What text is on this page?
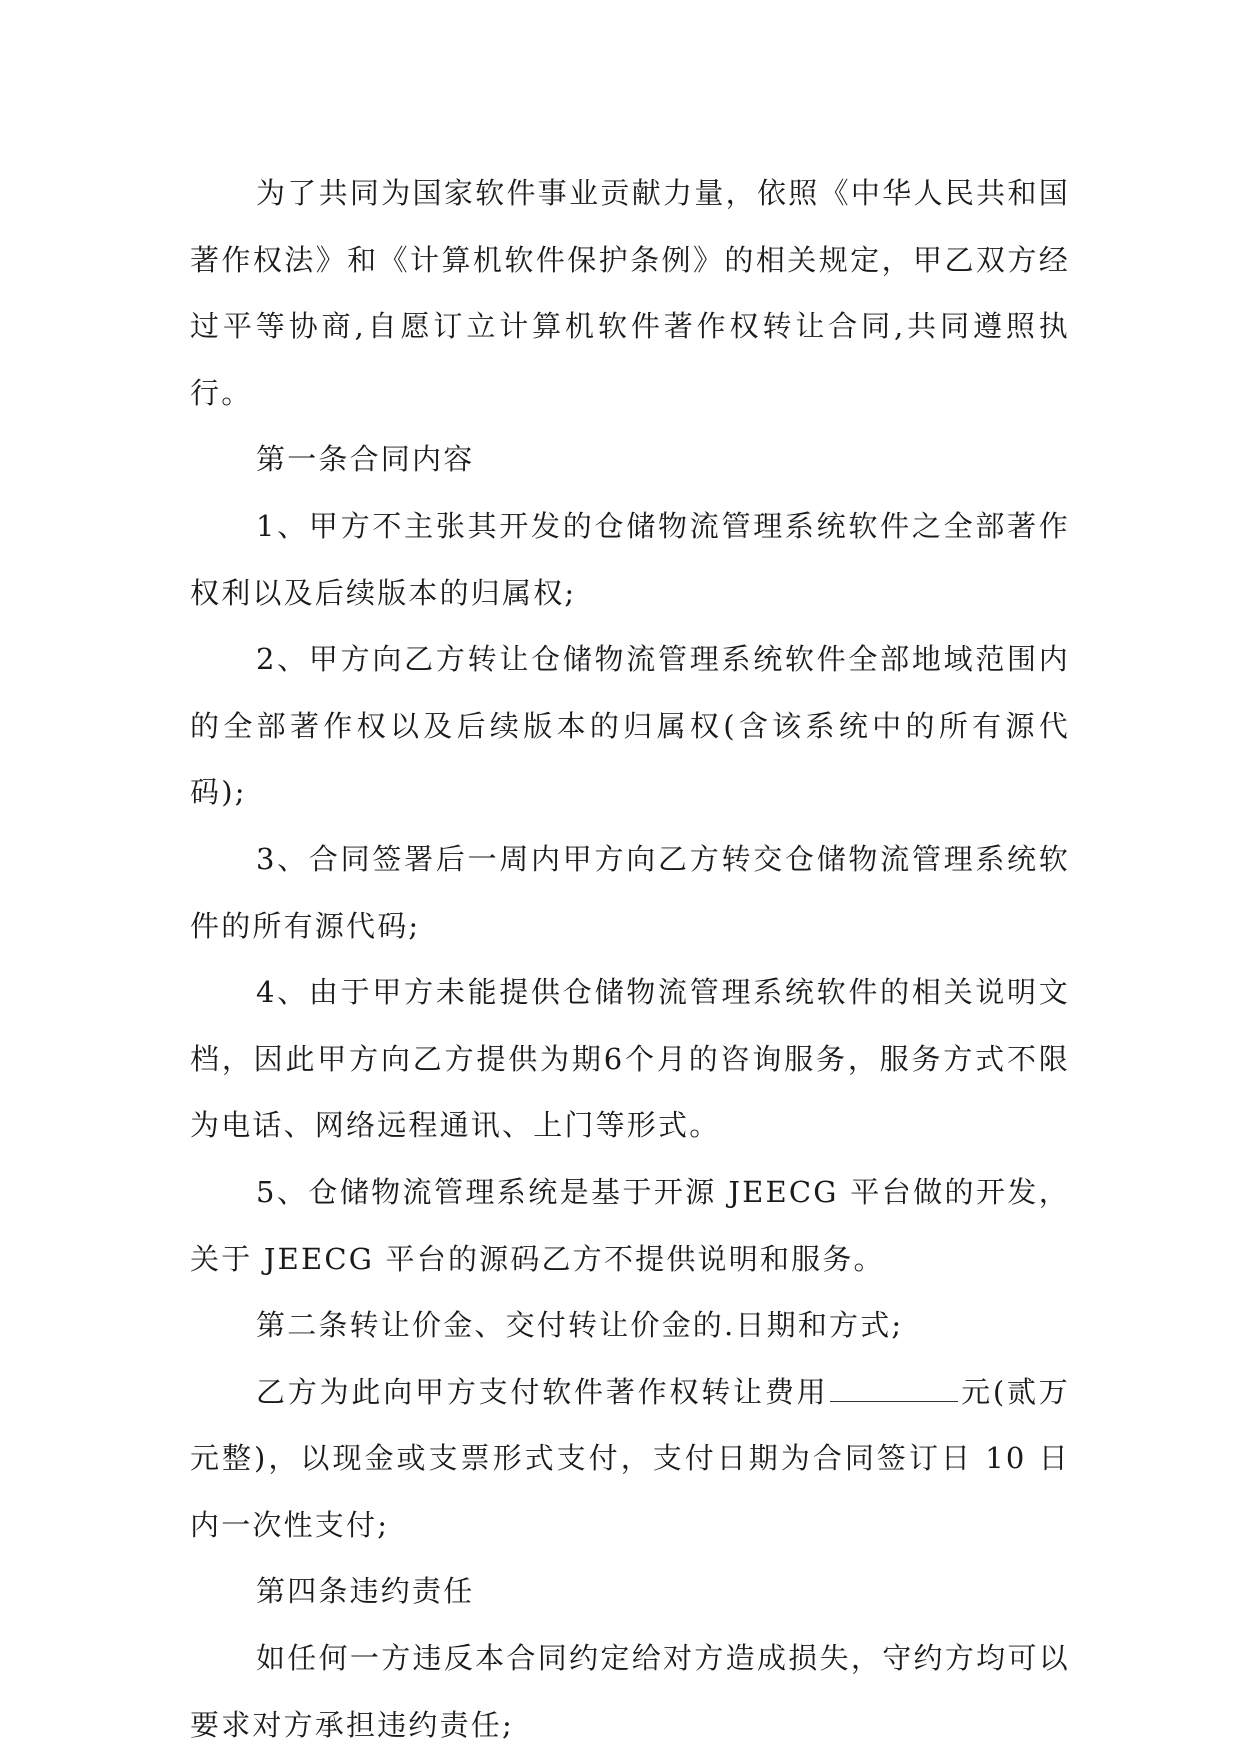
为了共同为国家软件事业贡献力量，依照《中华人民共和国著作权法》和《计算机软件保护条例》的相关规定，甲乙双方经过平等协商,自愿订立计算机软件著作权转让合同,共同遵照执行。

第一条合同内容

1、甲方不主张其开发的仓储物流管理系统软件之全部著作权利以及后续版本的归属权;

2、甲方向乙方转让仓储物流管理系统软件全部地域范围内的全部著作权以及后续版本的归属权(含该系统中的所有源代码);

3、合同签署后一周内甲方向乙方转交仓储物流管理系统软件的所有源代码;

4、由于甲方未能提供仓储物流管理系统软件的相关说明文档，因此甲方向乙方提供为期6个月的咨询服务，服务方式不限为电话、网络远程通讯、上门等形式。

5、仓储物流管理系统是基于开源 JEECG 平台做的开发，关于 JEECG 平台的源码乙方不提供说明和服务。

第二条转让价金、交付转让价金的.日期和方式;

乙方为此向甲方支付软件著作权转让费用	元(贰万元整)，以现金或支票形式支付，支付日期为合同签订日 10 日内一次性支付;

第四条违约责任

如任何一方违反本合同约定给对方造成损失，守约方均可以要求对方承担违约责任;
